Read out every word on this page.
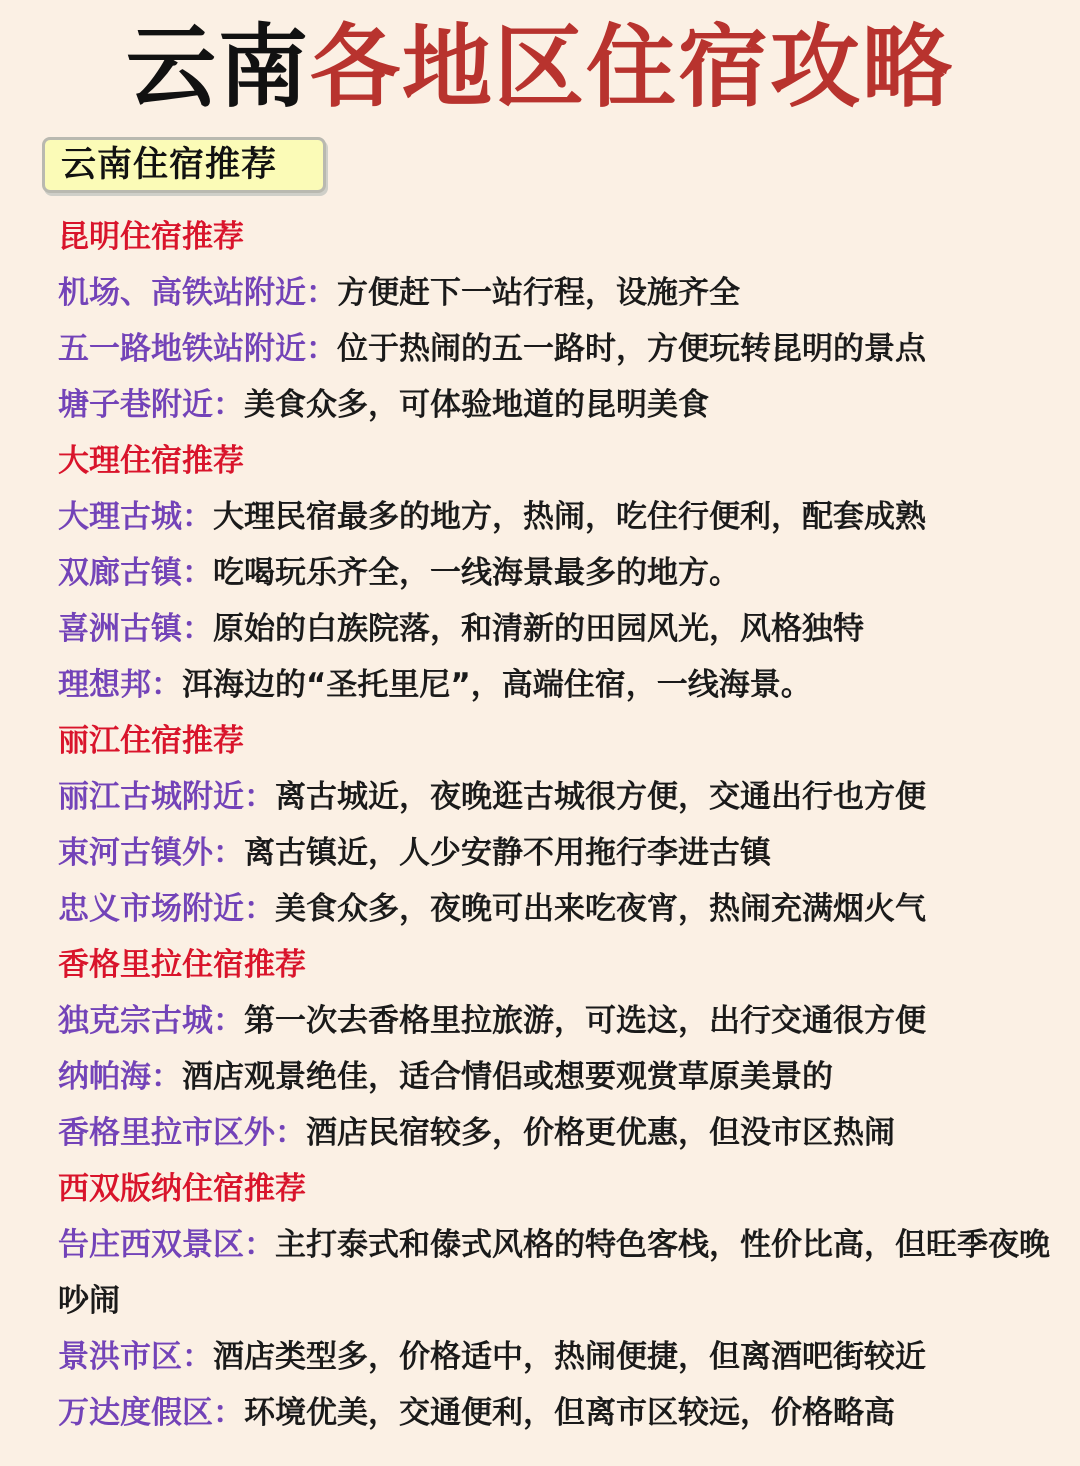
云南各地区住宿攻略
云南住宿推荐
昆明住宿推荐
机场、高铁站附近：方便赶下一站行程，设施齐全
五一路地铁站附近：位于热闹的五一路时，方便玩转昆明的景点
塘子巷附近：美食众多，可体验地道的昆明美食
大理住宿推荐
大理古城：大理民宿最多的地方，热闹，吃住行便利，配套成熟
双廊古镇：吃喝玩乐齐全，一线海景最多的地方。
喜洲古镇：原始的白族院落，和清新的田园风光，风格独特
理想邦：洱海边的“圣托里尼”，高端住宿，一线海景。
丽江住宿推荐
丽江古城附近：离古城近，夜晚逛古城很方便，交通出行也方便
束河古镇外：离古镇近，人少安静不用拖行李进古镇
忠义市场附近：美食众多，夜晚可出来吃夜宵，热闹充满烟火气
香格里拉住宿推荐
独克宗古城：第一次去香格里拉旅游，可选这，出行交通很方便
纳帕海：酒店观景绝佳，适合情侣或想要观赏草原美景的
香格里拉市区外：酒店民宿较多，价格更优惠，但没市区热闹
西双版纳住宿推荐
告庄西双景区：主打泰式和傣式风格的特色客栈，性价比高，但旺季夜晚吵闹
景洪市区：酒店类型多，价格适中，热闹便捷，但离酒吧街较近
万达度假区：环境优美，交通便利，但离市区较远，价格略高
